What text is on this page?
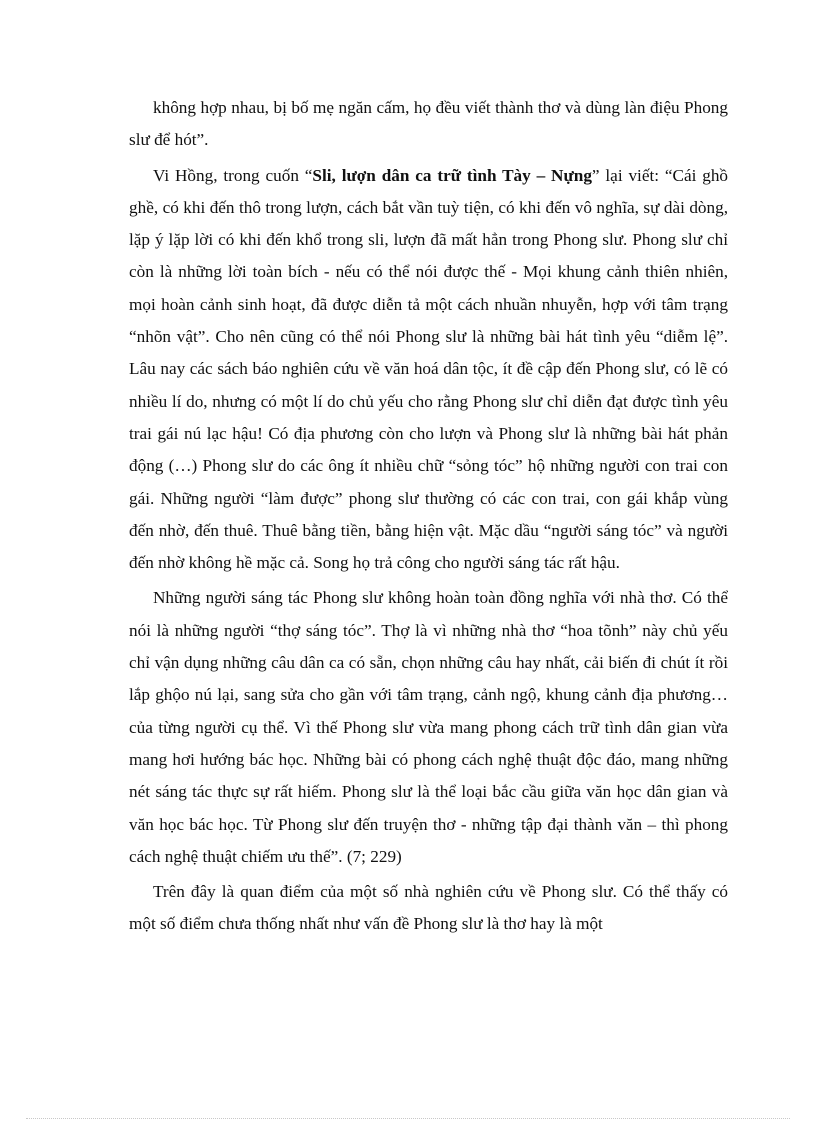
không hợp nhau, bị bố mẹ ngăn cấm, họ đều viết thành thơ và dùng làn điệu Phong slư để hót”.

Vi Hồng, trong cuốn “Sli, lượn dân ca trữ tình Tày – Nựng” lại viết: “Cái ghồ ghề, có khi đến thô trong lượn, cách bắt vần tuỳ tiện, có khi đến vô nghĩa, sự dài dòng, lặp ý lặp lời có khi đến khổ trong sli, lượn đã mất hẳn trong Phong slư. Phong slư chỉ còn là những lời toàn bích - nếu có thể nói được thế - Mọi khung cảnh thiên nhiên, mọi hoàn cảnh sinh hoạt, đã được diễn tả một cách nhuần nhuyễn, hợp với tâm trạng “nhõn vật”. Cho nên cũng có thể nói Phong slư là những bài hát tình yêu “diễm lệ”. Lâu nay các sách báo nghiên cứu về văn hoá dân tộc, ít đề cập đến Phong slư, có lẽ có nhiều lí do, nhưng có một lí do chủ yếu cho rằng Phong slư chỉ diễn đạt được tình yêu trai gái nú lạc hậu! Có địa phương còn cho lượn và Phong slư là những bài hát phản động (…) Phong slư do các ông ít nhiều chữ “sỏng tóc” hộ những người con trai con gái. Những người “làm được” phong slư thường có các con trai, con gái khắp vùng đến nhờ, đến thuê. Thuê bằng tiền, bằng hiện vật. Mặc dầu “người sáng tóc” và người đến nhờ không hề mặc cả. Song họ trả công cho người sáng tác rất hậu.

Những người sáng tác Phong slư không hoàn toàn đồng nghĩa với nhà thơ. Có thể nói là những người “thợ sáng tóc”. Thợ là vì những nhà thơ “hoa tõnh” này chủ yếu chỉ vận dụng những câu dân ca có sẵn, chọn những câu hay nhất, cải biến đi chút ít rồi lắp ghộo nú lại, sang sửa cho gần với tâm trạng, cảnh ngộ, khung cảnh địa phương…của từng người cụ thể. Vì thế Phong slư vừa mang phong cách trữ tình dân gian vừa mang hơi hướng bác học. Những bài có phong cách nghệ thuật độc đáo, mang những nét sáng tác thực sự rất hiếm. Phong slư là thể loại bắc cầu giữa văn học dân gian và văn học bác học. Từ Phong slư đến truyện thơ - những tập đại thành văn – thì phong cách nghệ thuật chiếm ưu thế”. (7; 229)

Trên đây là quan điểm của một số nhà nghiên cứu về Phong slư. Có thể thấy có một số điểm chưa thống nhất như vấn đề Phong slư là thơ hay là một
